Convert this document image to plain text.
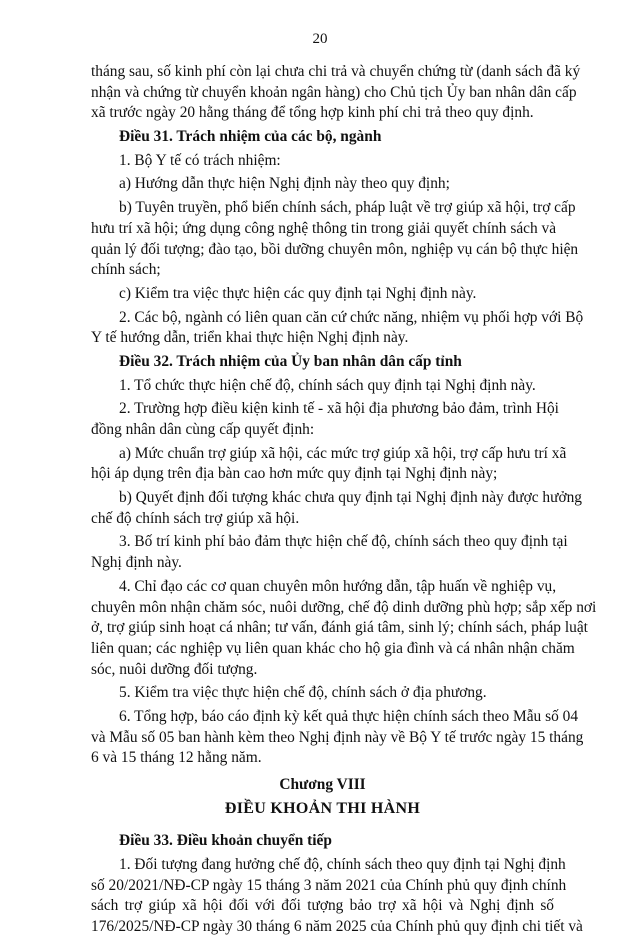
20
tháng sau, số kinh phí còn lại chưa chi trả và chuyển chứng từ (danh sách đã ký
nhận và chứng từ chuyển khoản ngân hàng) cho Chủ tịch Ủy ban nhân dân cấp
xã trước ngày 20 hằng tháng để tổng hợp kinh phí chi trả theo quy định.
Điều 31. Trách nhiệm của các bộ, ngành
1. Bộ Y tế có trách nhiệm:
a) Hướng dẫn thực hiện Nghị định này theo quy định;
b) Tuyên truyền, phổ biến chính sách, pháp luật về trợ giúp xã hội, trợ cấp
hưu trí xã hội; ứng dụng công nghệ thông tin trong giải quyết chính sách và
quản lý đối tượng; đào tạo, bồi dưỡng chuyên môn, nghiệp vụ cán bộ thực hiện
chính sách;
c) Kiểm tra việc thực hiện các quy định tại Nghị định này.
2. Các bộ, ngành có liên quan căn cứ chức năng, nhiệm vụ phối hợp với Bộ
Y tế hướng dẫn, triển khai thực hiện Nghị định này.
Điều 32. Trách nhiệm của Ủy ban nhân dân cấp tỉnh
1. Tổ chức thực hiện chế độ, chính sách quy định tại Nghị định này.
2. Trường hợp điều kiện kinh tế - xã hội địa phương bảo đảm, trình Hội
đồng nhân dân cùng cấp quyết định:
a) Mức chuẩn trợ giúp xã hội, các mức trợ giúp xã hội, trợ cấp hưu trí xã
hội áp dụng trên địa bàn cao hơn mức quy định tại Nghị định này;
b) Quyết định đối tượng khác chưa quy định tại Nghị định này được hưởng
chế độ chính sách trợ giúp xã hội.
3. Bố trí kinh phí bảo đảm thực hiện chế độ, chính sách theo quy định tại
Nghị định này.
4. Chỉ đạo các cơ quan chuyên môn hướng dẫn, tập huấn về nghiệp vụ,
chuyên môn nhận chăm sóc, nuôi dưỡng, chế độ dinh dưỡng phù hợp; sắp xếp nơi
ở, trợ giúp sinh hoạt cá nhân; tư vấn, đánh giá tâm, sinh lý; chính sách, pháp luật
liên quan; các nghiệp vụ liên quan khác cho hộ gia đình và cá nhân nhận chăm
sóc, nuôi dưỡng đối tượng.
5. Kiểm tra việc thực hiện chế độ, chính sách ở địa phương.
6. Tổng hợp, báo cáo định kỳ kết quả thực hiện chính sách theo Mẫu số 04
và Mẫu số 05 ban hành kèm theo Nghị định này về Bộ Y tế trước ngày 15 tháng
6 và 15 tháng 12 hằng năm.
Chương VIII
ĐIỀU KHOẢN THI HÀNH
Điều 33. Điều khoản chuyển tiếp
1. Đối tượng đang hưởng chế độ, chính sách theo quy định tại Nghị định
số 20/2021/NĐ-CP ngày 15 tháng 3 năm 2021 của Chính phủ quy định chính
sách trợ giúp xã hội đối với đối tượng bảo trợ xã hội và Nghị định số
176/2025/NĐ-CP ngày 30 tháng 6 năm 2025 của Chính phủ quy định chi tiết và
